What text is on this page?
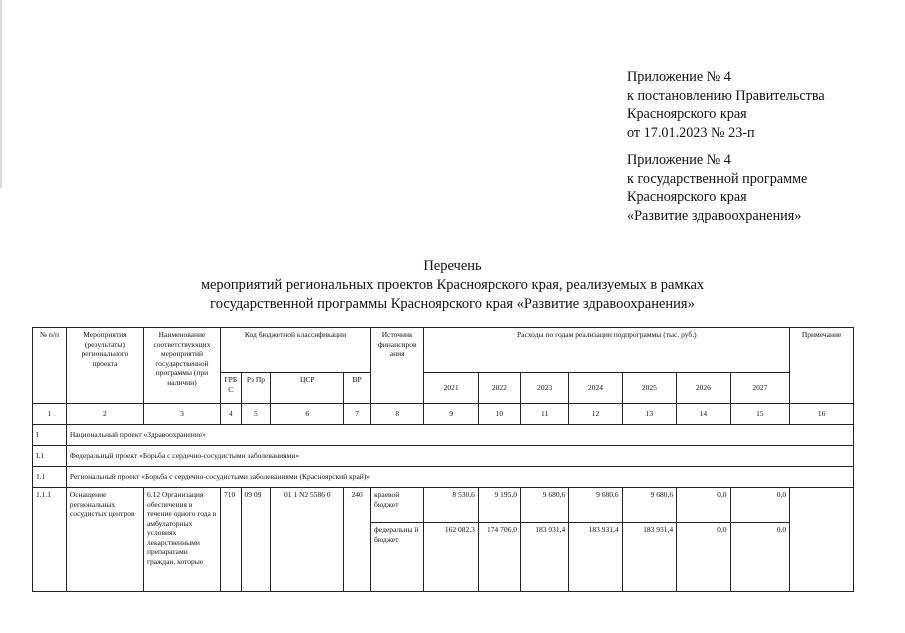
Приложение № 4
к постановлению Правительства
Красноярского края
от 17.01.2023 № 23-п
Приложение № 4
к государственной программе
Красноярского края
«Развитие здравоохранения»
Перечень
мероприятий региональных проектов Красноярского края, реализуемых в рамках
государственной программы Красноярского края «Развитие здравоохранения»
№ п/п	Мероприятия (результаты) регионального проекта	Наименование соответствующих мероприятий государственной программы (при наличии)	Код бюджетной классификации				Источник финансиров ания	Расходы по годам реализации подпрограммы (тыс. руб.)							Примечание
			ГРБ С	Рз Пр	ЦСР	ВР		2021	2022	2023	2024	2025	2026	2027	
1	2	3	4	5	6	7	8	9	10	11	12	13	14	15	16
I	Национальный проект «Здравоохранение»														
I.1	Федеральный проект «Борьба с сердечно-сосудистыми заболеваниями»														
1.1	Региональный проект «Борьба с сердечно-сосудистыми заболеваниями (Красноярский край)»														
1.1.1	Оснащение региональных сосудистых центров	6.12 Организация обеспечения в течение одного года в амбулаторных условиях лекарственными препаратами граждан, которые	710	09 09	01 1 N2 5586 0	240	краевой бюджет	8 530,6	9 195,0	9 680,6	9 680,6	9 680,6	0,0	0,0	
							федеральны й бюджет	162 082,3	174 706,0	183 931,4	183 931,4	183 931,4	0,0	0,0	
